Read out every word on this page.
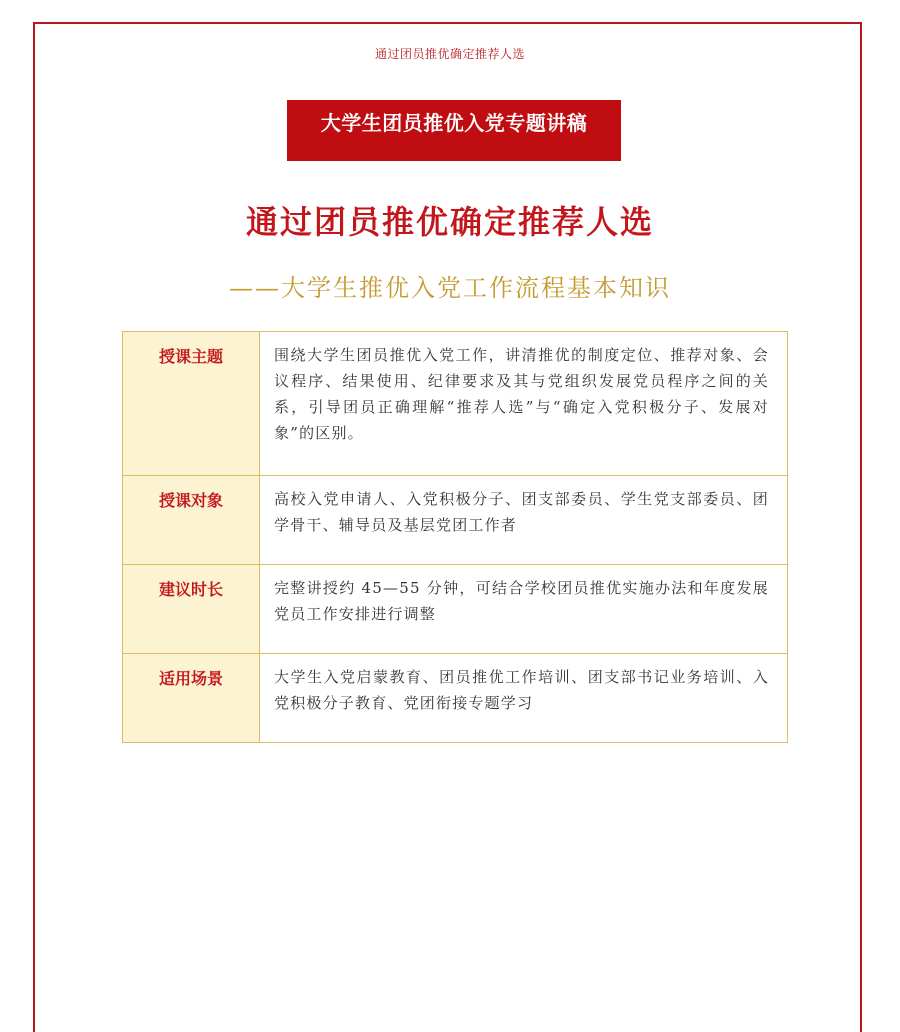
通过团员推优确定推荐人选
大学生团员推优入党专题讲稿
通过团员推优确定推荐人选
——大学生推优入党工作流程基本知识
授课主题	围绕大学生团员推优入党工作，讲清推优的制度定位、推荐对象、会议程序、结果使用、纪律要求及其与党组织发展党员程序之间的关系，引导团员正确理解“推荐人选”与“确定入党积极分子、发展对象”的区别。
授课对象	高校入党申请人、入党积极分子、团支部委员、学生党支部委员、团学骨干、辅导员及基层党团工作者
建议时长	完整讲授约 45—55 分钟，可结合学校团员推优实施办法和年度发展党员工作安排进行调整
适用场景	大学生入党启蒙教育、团员推优工作培训、团支部书记业务培训、入党积极分子教育、党团衔接专题学习
